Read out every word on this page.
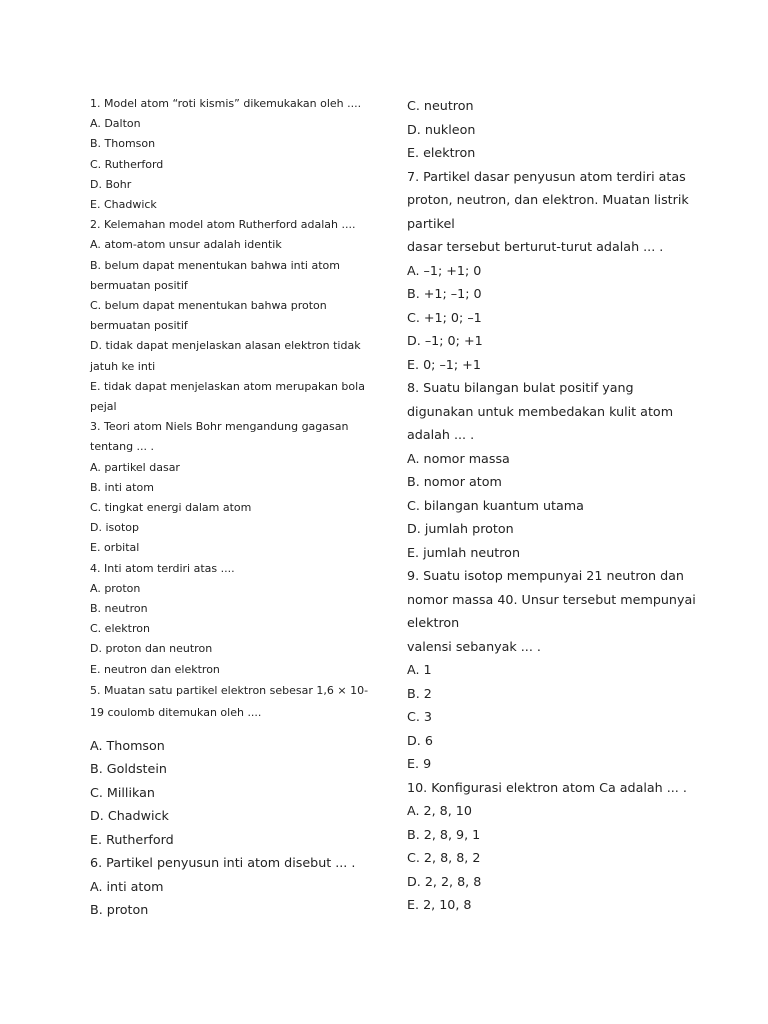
1. Model atom “roti kismis” dikemukakan oleh ....
A. Dalton
B. Thomson
C. Rutherford
D. Bohr
E. Chadwick
2. Kelemahan model atom Rutherford adalah ....
A. atom-atom unsur adalah identik
B. belum dapat menentukan bahwa inti atom
bermuatan positif
C. belum dapat menentukan bahwa proton
bermuatan positif
D. tidak dapat menjelaskan alasan elektron tidak
jatuh ke inti
E. tidak dapat menjelaskan atom merupakan bola
pejal
3. Teori atom Niels Bohr mengandung gagasan
tentang ... .
A. partikel dasar
B. inti atom
C. tingkat energi dalam atom
D. isotop
E. orbital
4. Inti atom terdiri atas ....
A. proton
B. neutron
C. elektron
D. proton dan neutron
E. neutron dan elektron
5. Muatan satu partikel elektron sebesar 1,6 × 10-
19 coulomb ditemukan oleh ....
A. Thomson
B. Goldstein
C. Millikan
D. Chadwick
E. Rutherford
6. Partikel penyusun inti atom disebut ... .
A. inti atom
B. proton
C. neutron
D. nukleon
E. elektron
7. Partikel dasar penyusun atom terdiri atas
proton, neutron, dan elektron. Muatan listrik
partikel
dasar tersebut berturut-turut adalah ... .
A. –1; +1; 0
B. +1; –1; 0
C. +1; 0; –1
D. –1; 0; +1
E. 0; –1; +1
8. Suatu bilangan bulat positif yang
digunakan untuk membedakan kulit atom
adalah ... .
A. nomor massa
B. nomor atom
C. bilangan kuantum utama
D. jumlah proton
E. jumlah neutron
9. Suatu isotop mempunyai 21 neutron dan
nomor massa 40. Unsur tersebut mempunyai
elektron
valensi sebanyak ... .
A. 1
B. 2
C. 3
D. 6
E. 9
10. Konﬁgurasi elektron atom Ca adalah ... .
A. 2, 8, 10
B. 2, 8, 9, 1
C. 2, 8, 8, 2
D. 2, 2, 8, 8
E. 2, 10, 8
